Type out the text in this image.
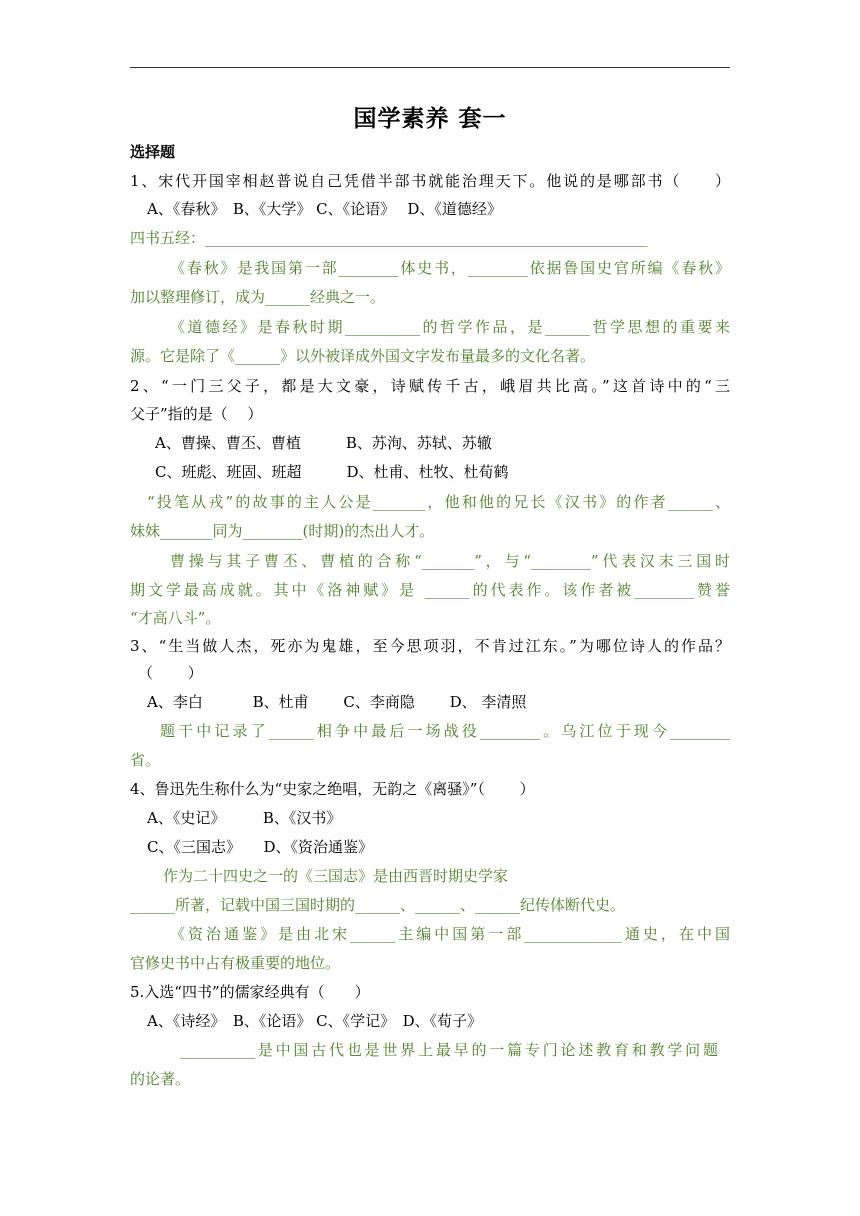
国学素养 套一
选择题
1、宋代开国宰相赵普说自己凭借半部书就能治理天下。他说的是哪部书（　　）
A、《春秋》　B、《大学》 C、《论语》　 D、《道德经》
四书五经：___________________________________________________________
《春秋》是我国第一部________体史书，________依据鲁国史官所编《春秋》
加以整理修订，成为______经典之一。
《道德经》是春秋时期__________的哲学作品，是______哲学思想的重要来
源。它是除了《______》以外被译成外国文字发布量最多的文化名著。
2、“一门三父子，都是大文豪，诗赋传千古，峨眉共比高。”这首诗中的“三
父子”指的是（　 ）
A、曹操、曹丕、曹植　　　B、苏洵、苏轼、苏辙
C、班彪、班固、班超　　　D、杜甫、杜牧、杜荀鹤
“投笔从戎”的故事的主人公是_______，他和他的兄长《汉书》的作者______、
妹妹_______同为________(时期)的杰出人才。
曹操与其子曹丕、曹植的合称“_______”，与“________”代表汉末三国时
期文学最高成就。其中《洛神赋》是 ______的代表作。该作者被________赞誉
“才高八斗”。
3、“生当做人杰，死亦为鬼雄，至今思项羽，不肯过江东。”为哪位诗人的作品？
（　　 ）
A、李白　　 　B、杜甫　　 C、李商隐　　 D、 李清照
题干中记录了______相争中最后一场战役________。乌江位于现今________
省。
4、鲁迅先生称什么为“史家之绝唱，无韵之《离骚》”（　　 ）
A、《史记》　　　B、《汉书》
C、《三国志》　　D、《资治通鉴》
作为二十四史之一的《三国志》是由西晋时期史学家
______所著，记载中国三国时期的______、______、______纪传体断代史。
《资治通鉴》是由北宋______主编中国第一部_____________通史，在中国
官修史书中占有极重要的地位。
5.入选“四书”的儒家经典有（　　）
A、《诗经》　B、《论语》 C、《学记》　D、《荀子》
__________是中国古代也是世界上最早的一篇专门论述教育和教学问题
的论著。
